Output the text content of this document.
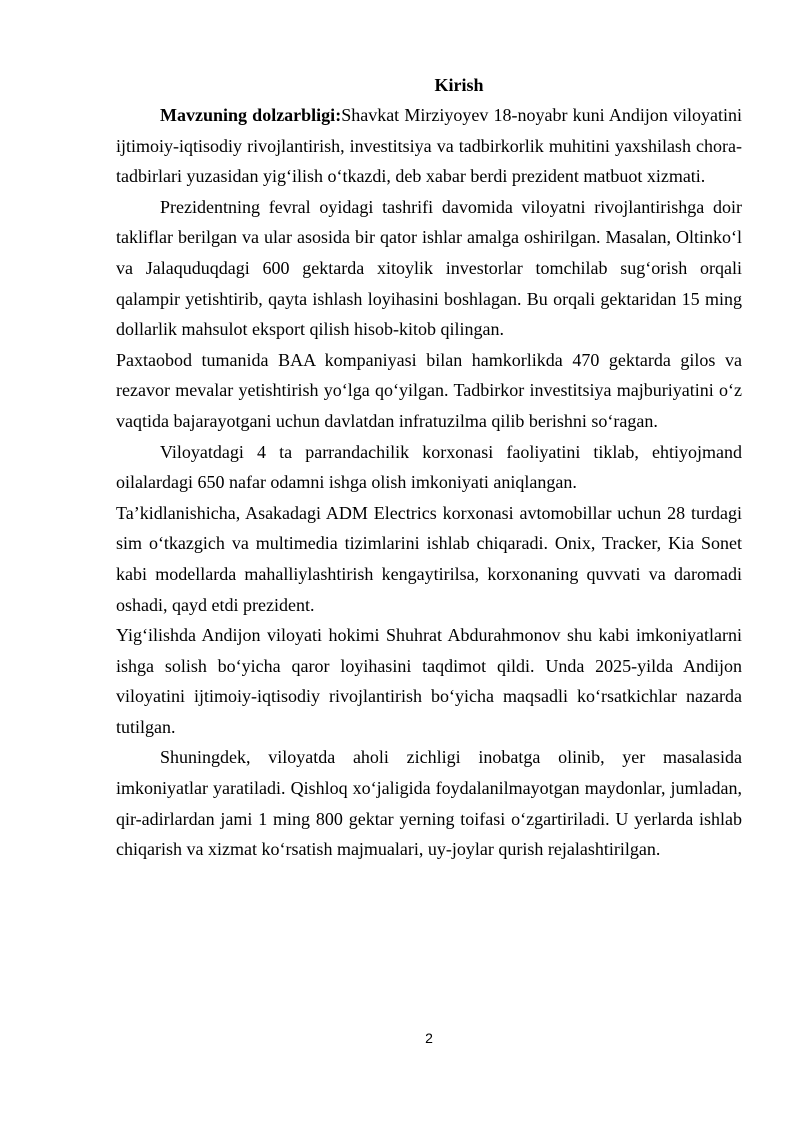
Kirish

Mavzuning dolzarbligi:Shavkat Mirziyoyev 18-noyabr kuni Andijon viloyatini ijtimoiy-iqtisodiy rivojlantirish, investitsiya va tadbirkorlik muhitini yaxshilash chora-tadbirlari yuzasidan yig‘ilish o‘tkazdi, deb xabar berdi prezident matbuot xizmati.

Prezidentning fevral oyidagi tashrifi davomida viloyatni rivojlantirishga doir takliflar berilgan va ular asosida bir qator ishlar amalga oshirilgan. Masalan, Oltinko‘l va Jalaquduqdagi 600 gektarda xitoylik investorlar tomchilab sug‘orish orqali qalampir yetishtirib, qayta ishlash loyihasini boshlagan. Bu orqali gektaridan 15 ming dollarlik mahsulot eksport qilish hisob-kitob qilingan.

Paxtaobod tumanida BAA kompaniyasi bilan hamkorlikda 470 gektarda gilos va rezavor mevalar yetishtirish yo‘lga qo‘yilgan. Tadbirkor investitsiya majburiyatini o‘z vaqtida bajarayotgani uchun davlatdan infratuzilma qilib berishni so‘ragan.

Viloyatdagi 4 ta parrandachilik korxonasi faoliyatini tiklab, ehtiyojmand oilalardagi 650 nafar odamni ishga olish imkoniyati aniqlangan.

Ta’kidlanishicha, Asakadagi ADM Electrics korxonasi avtomobillar uchun 28 turdagi sim o‘tkazgich va multimedia tizimlarini ishlab chiqaradi. Onix, Tracker, Kia Sonet kabi modellarda mahalliylashtirish kengaytirilsa, korxonaning quvvati va daromadi oshadi, qayd etdi prezident.

Yig‘ilishda Andijon viloyati hokimi Shuhrat Abdurahmonov shu kabi imkoniyatlarni ishga solish bo‘yicha qaror loyihasini taqdimot qildi. Unda 2025-yilda Andijon viloyatini ijtimoiy-iqtisodiy rivojlantirish bo‘yicha maqsadli ko‘rsatkichlar nazarda tutilgan.

Shuningdek, viloyatda aholi zichligi inobatga olinib, yer masalasida imkoniyatlar yaratiladi. Qishloq xo‘jaligida foydalanilmayotgan maydonlar, jumladan, qir-adirlardan jami 1 ming 800 gektar yerning toifasi o‘zgartiriladi. U yerlarda ishlab chiqarish va xizmat ko‘rsatish majmualari, uy-joylar qurish rejalashtirilgan.

2
